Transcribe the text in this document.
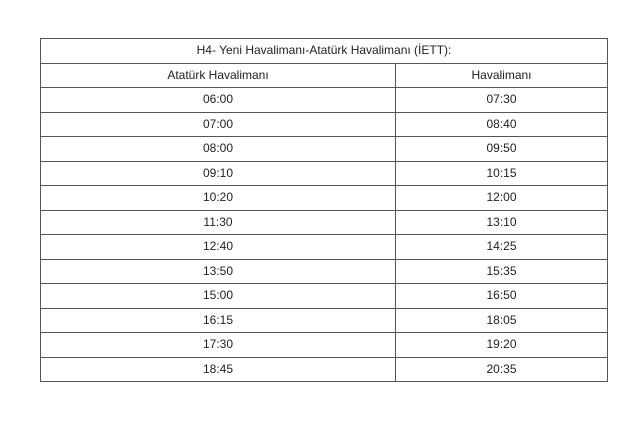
H4- Yeni Havalimanı-Atatürk Havalimanı (İETT):	
Atatürk Havalimanı	Havalimanı
06:00	07:30
07:00	08:40
08:00	09:50
09:10	10:15
10:20	12:00
11:30	13:10
12:40	14:25
13:50	15:35
15:00	16:50
16:15	18:05
17:30	19:20
18:45	20:35
